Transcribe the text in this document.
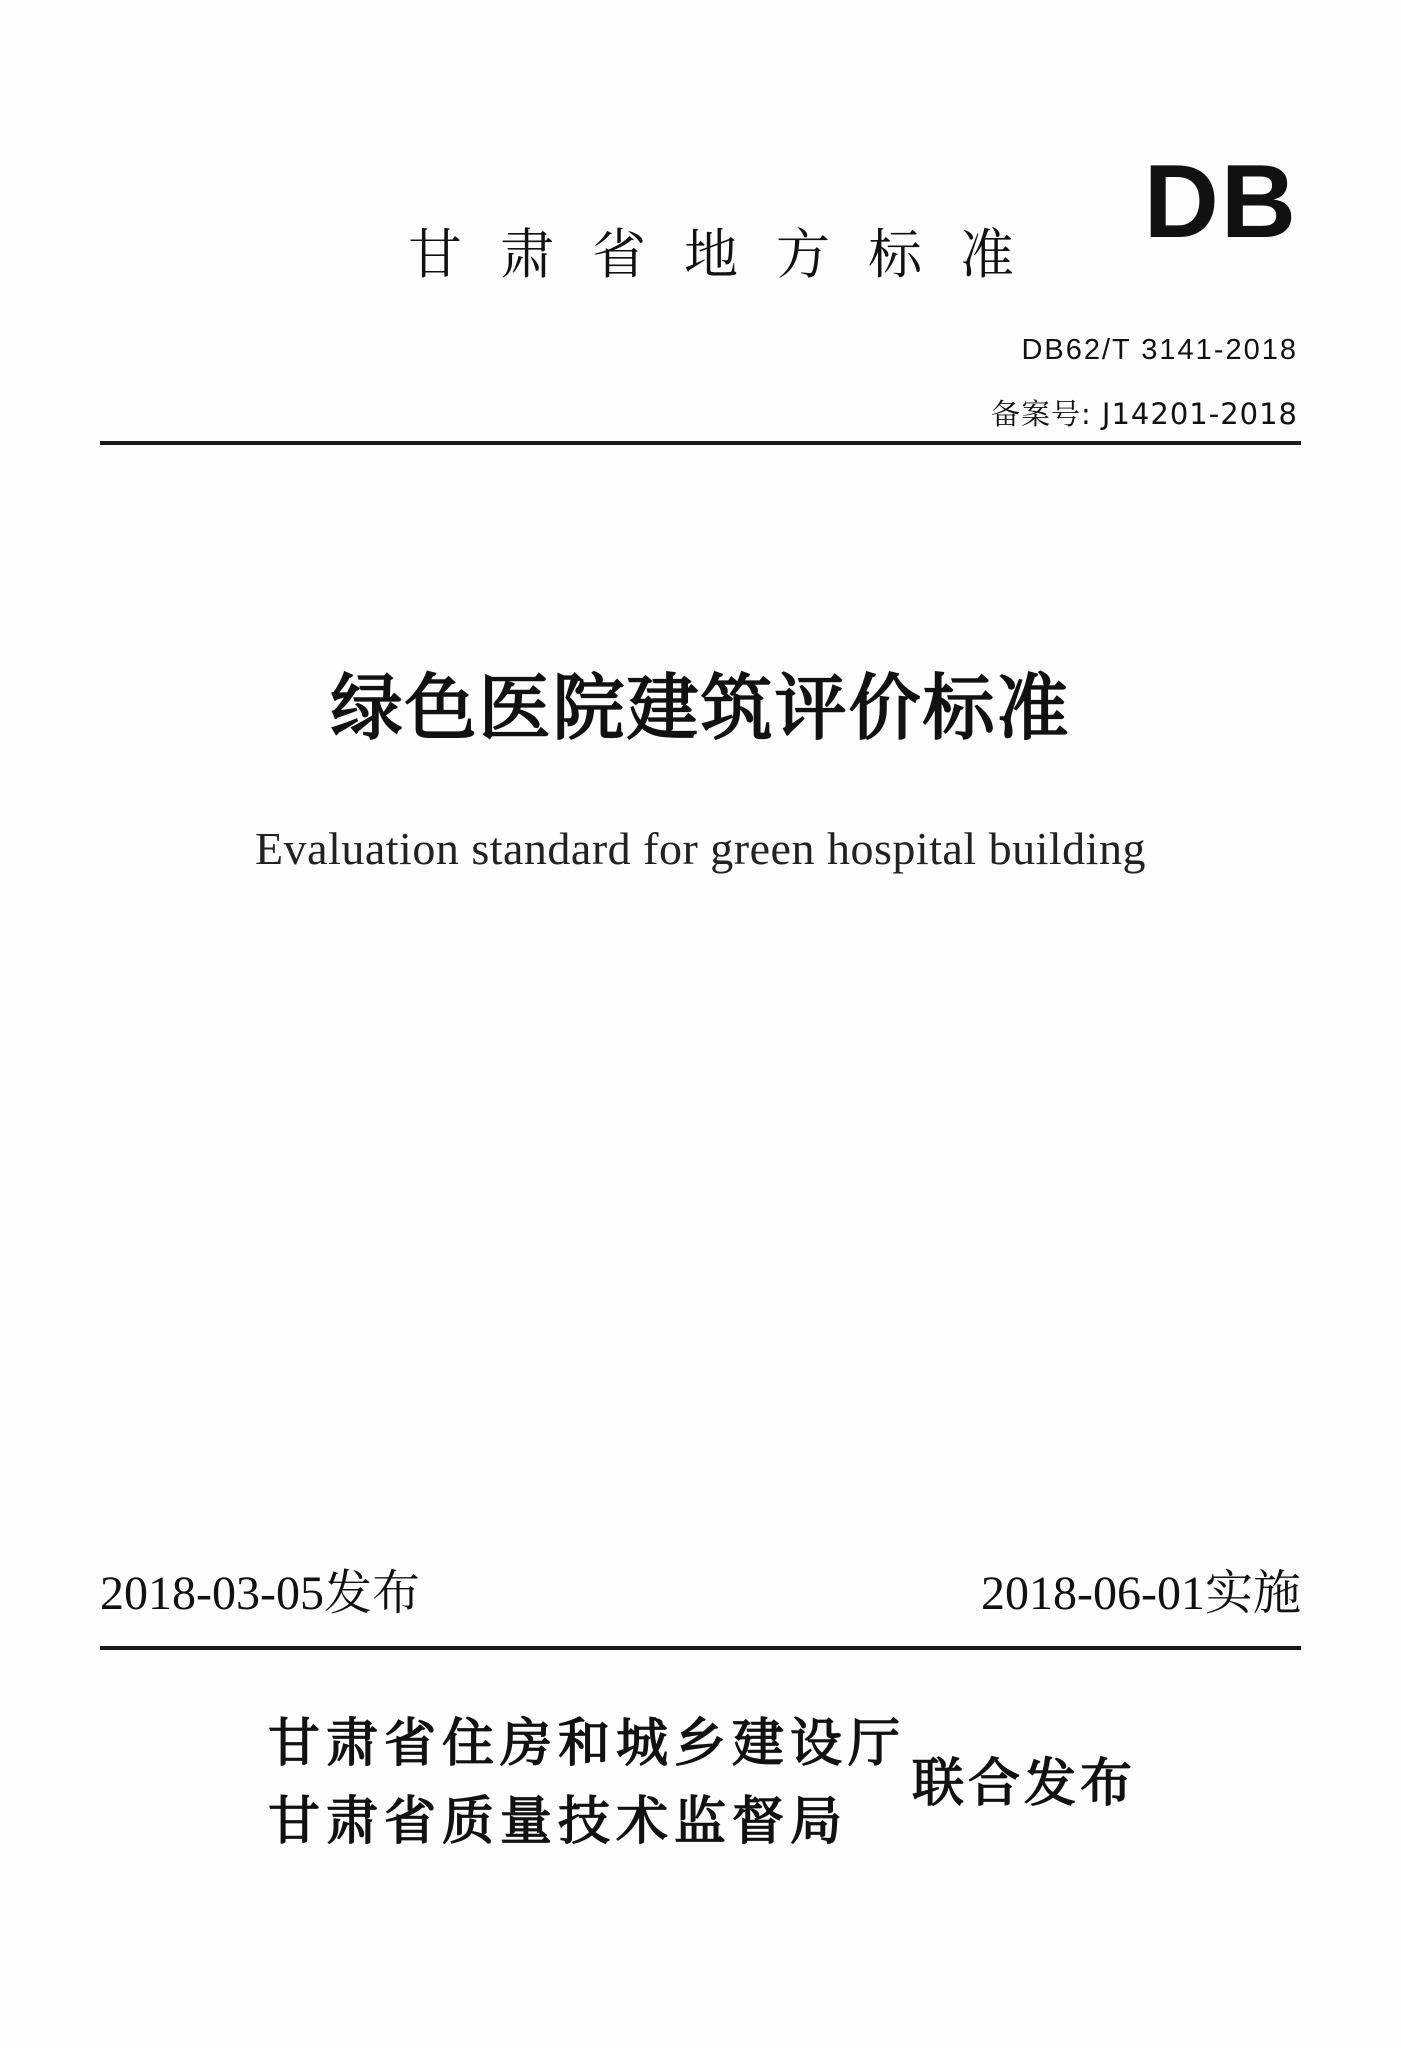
DB
甘肃省地方标准
DB62/T 3141-2018
备案号: J14201-2018
绿色医院建筑评价标准
Evaluation standard for green hospital building
2018-03-05发布	2018-06-01实施
甘肃省住房和城乡建设厅
甘肃省质量技术监督局
联合发布
